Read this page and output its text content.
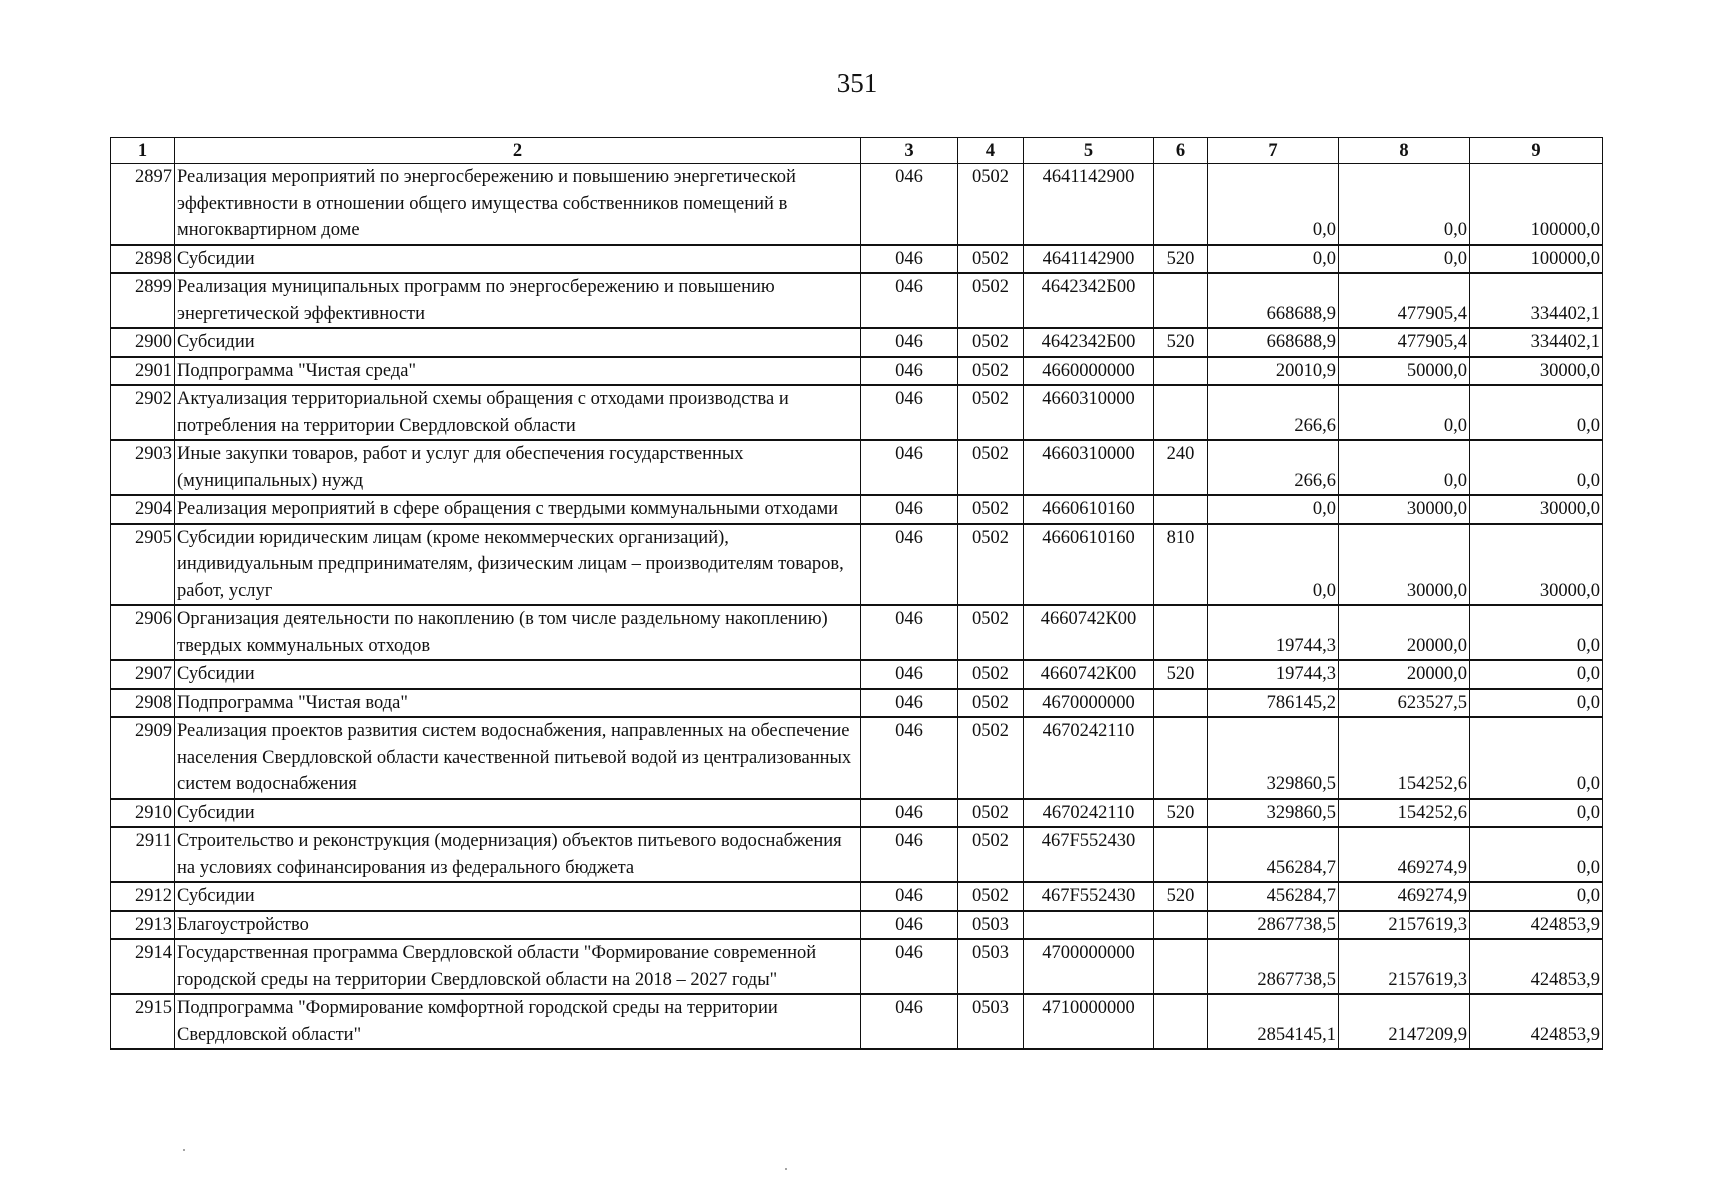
351
1	2	3	4	5	6	7	8	9
2897	Реализация мероприятий по энергосбережению и повышению энергетической эффективности в отношении общего имущества собственников помещений в многоквартирном доме	046	0502	4641142900		0,0	0,0	100000,0
2898	Субсидии	046	0502	4641142900	520	0,0	0,0	100000,0
2899	Реализация муниципальных программ по энергосбережению и повышению энергетической эффективности	046	0502	4642342Б00		668688,9	477905,4	334402,1
2900	Субсидии	046	0502	4642342Б00	520	668688,9	477905,4	334402,1
2901	Подпрограмма "Чистая среда"	046	0502	4660000000		20010,9	50000,0	30000,0
2902	Актуализация территориальной схемы обращения с отходами производства и потребления на территории Свердловской области	046	0502	4660310000		266,6	0,0	0,0
2903	Иные закупки товаров, работ и услуг для обеспечения государственных (муниципальных) нужд	046	0502	4660310000	240	266,6	0,0	0,0
2904	Реализация мероприятий в сфере обращения с твердыми коммунальными отходами	046	0502	4660610160		0,0	30000,0	30000,0
2905	Субсидии юридическим лицам (кроме некоммерческих организаций), индивидуальным предпринимателям, физическим лицам – производителям товаров, работ, услуг	046	0502	4660610160	810	0,0	30000,0	30000,0
2906	Организация деятельности по накоплению (в том числе раздельному накоплению) твердых коммунальных отходов	046	0502	4660742К00		19744,3	20000,0	0,0
2907	Субсидии	046	0502	4660742К00	520	19744,3	20000,0	0,0
2908	Подпрограмма "Чистая вода"	046	0502	4670000000		786145,2	623527,5	0,0
2909	Реализация проектов развития систем водоснабжения, направленных на обеспечение населения Свердловской области качественной питьевой водой из централизованных систем водоснабжения	046	0502	4670242110		329860,5	154252,6	0,0
2910	Субсидии	046	0502	4670242110	520	329860,5	154252,6	0,0
2911	Строительство и реконструкция (модернизация) объектов питьевого водоснабжения на условиях софинансирования из федерального бюджета	046	0502	467F552430		456284,7	469274,9	0,0
2912	Субсидии	046	0502	467F552430	520	456284,7	469274,9	0,0
2913	Благоустройство	046	0503			2867738,5	2157619,3	424853,9
2914	Государственная программа Свердловской области "Формирование современной городской среды на территории Свердловской области на 2018 – 2027 годы"	046	0503	4700000000		2867738,5	2157619,3	424853,9
2915	Подпрограмма "Формирование комфортной городской среды на территории Свердловской области"	046	0503	4710000000		2854145,1	2147209,9	424853,9
